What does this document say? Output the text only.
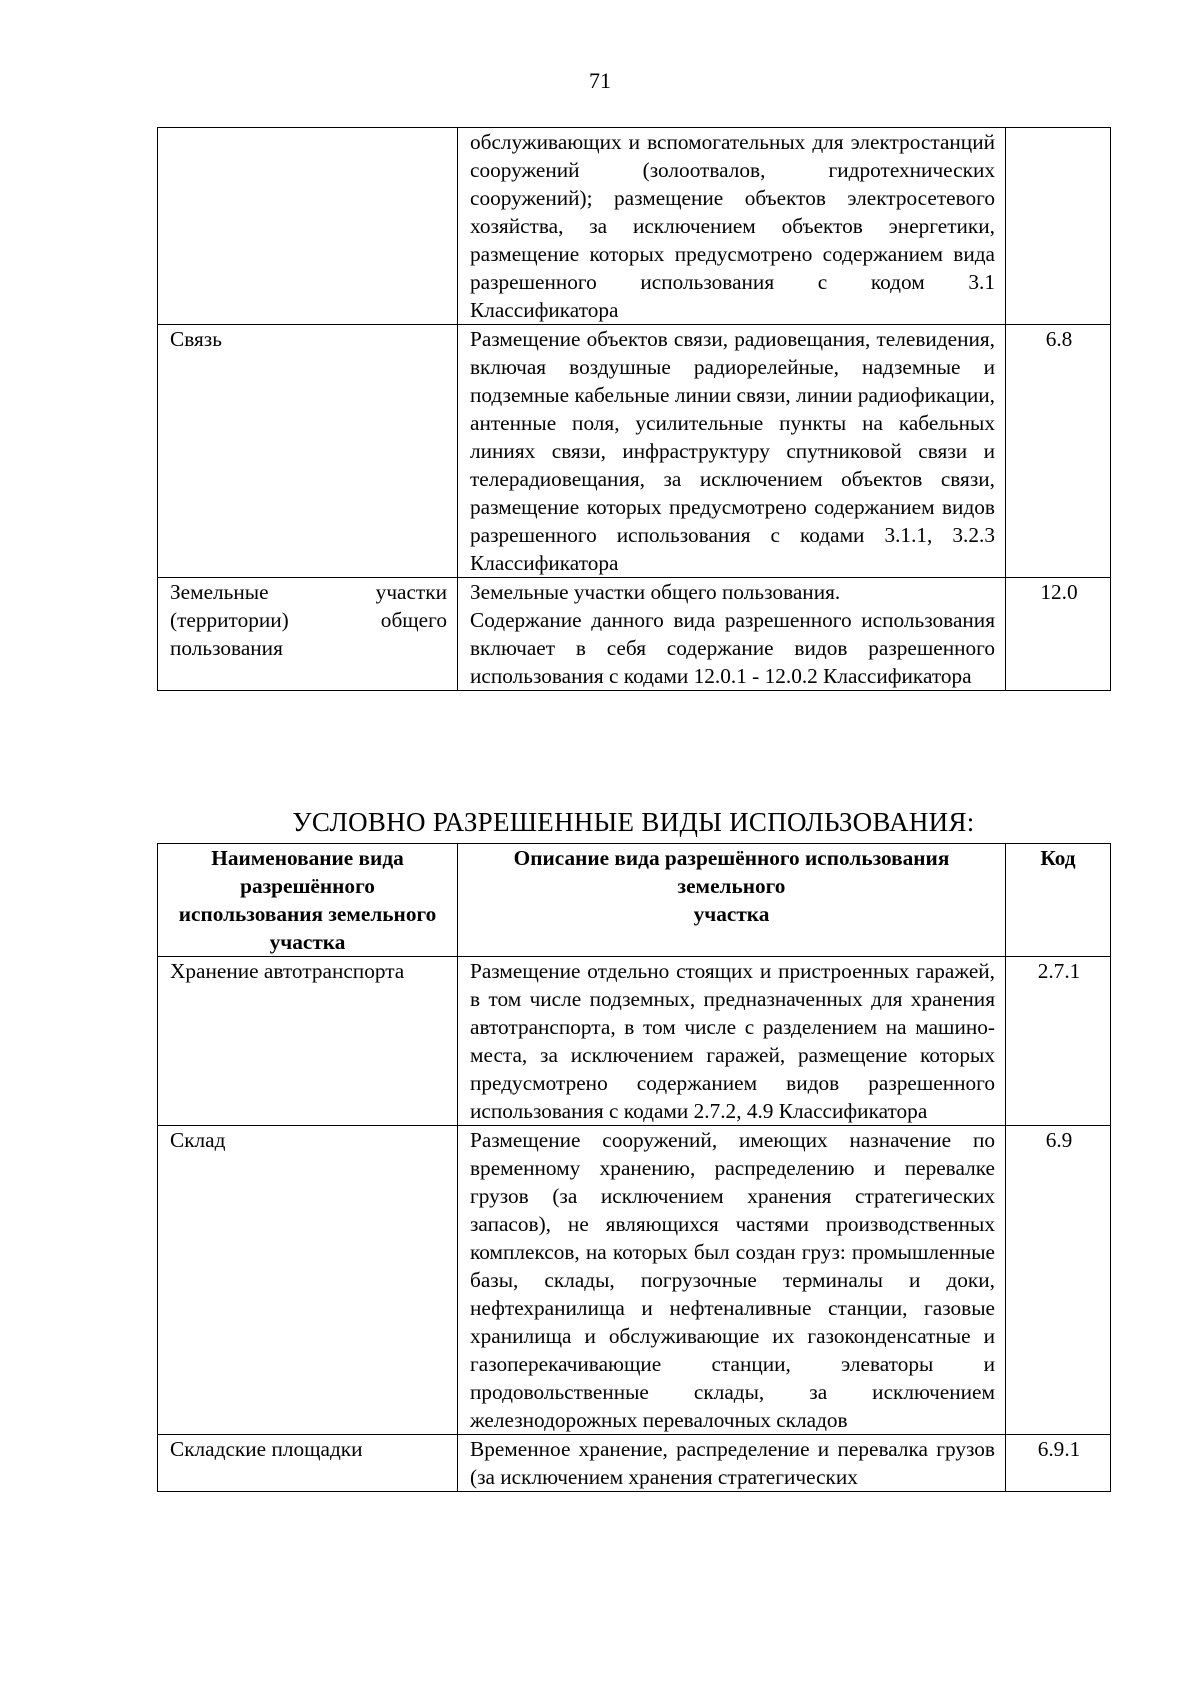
71

	обслуживающих и вспомогательных для электростанций сооружений (золоотвалов, гидротехнических сооружений); размещение объектов электросетевого хозяйства, за исключением объектов энергетики, размещение которых предусмотрено содержанием вида разрешенного использования с кодом 3.1 Классификатора	

Связь	Размещение объектов связи, радиовещания, телевидения, включая воздушные радиорелейные, надземные и подземные кабельные линии связи, линии радиофикации, антенные поля, усилительные пункты на кабельных линиях связи, инфраструктуру спутниковой связи и телерадиовещания, за исключением объектов связи, размещение которых предусмотрено содержанием видов разрешенного использования с кодами 3.1.1, 3.2.3 Классификатора	6.8

Земельные участки (территории) общего пользования	Земельные участки общего пользования.
Содержание данного вида разрешенного использования включает в себя содержание видов разрешенного использования с кодами 12.0.1 - 12.0.2 Классификатора	12.0
УСЛОВНО РАЗРЕШЕННЫЕ ВИДЫ ИСПОЛЬЗОВАНИЯ:
Наименование вида разрешённого использования земельного участка	Описание вида разрешённого использования земельного
участка	Код
Хранение автотранспорта	Размещение отдельно стоящих и пристроенных гаражей, в том числе подземных, предназначенных для хранения автотранспорта, в том числе с разделением на машино-места, за исключением гаражей, размещение которых предусмотрено содержанием видов разрешенного использования с кодами 2.7.2, 4.9 Классификатора	2.7.1
Склад	Размещение сооружений, имеющих назначение по временному хранению, распределению и перевалке грузов (за исключением хранения стратегических запасов), не являющихся частями производственных комплексов, на которых был создан груз: промышленные базы, склады, погрузочные терминалы и доки, нефтехранилища и нефтеналивные станции, газовые хранилища и обслуживающие их газоконденсатные и газоперекачивающие станции, элеваторы и продовольственные склады, за исключением железнодорожных перевалочных складов	6.9
Складские площадки	Временное хранение, распределение и перевалка грузов (за исключением хранения стратегических	6.9.1
